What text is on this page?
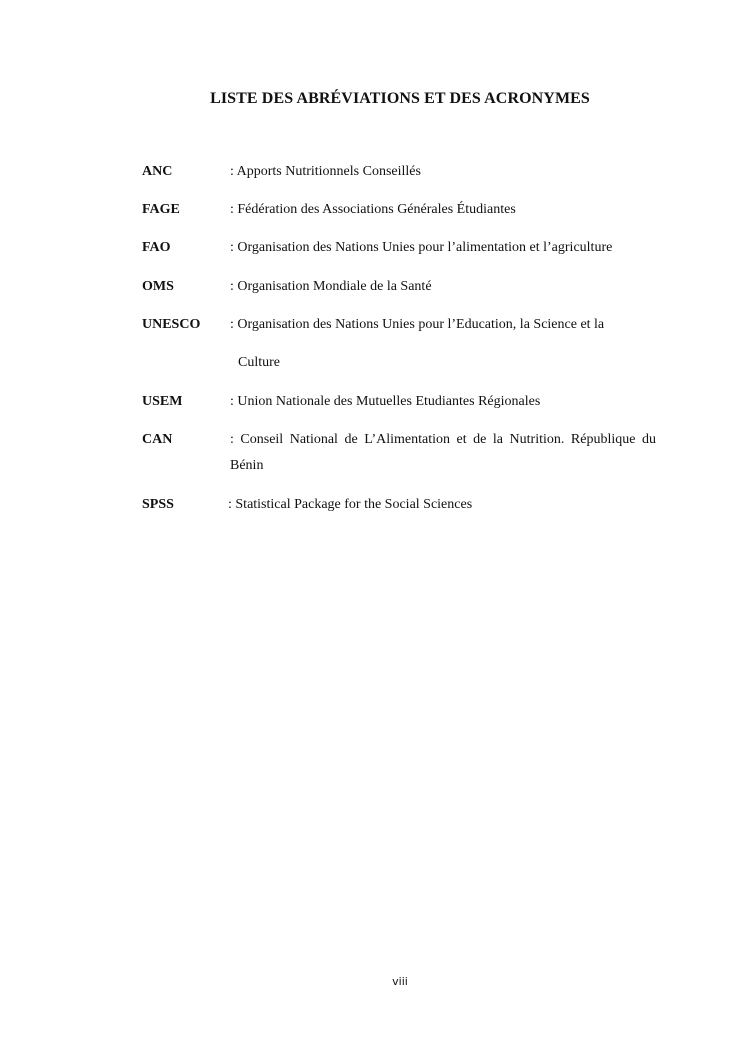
LISTE DES ABRÉVIATIONS ET DES ACRONYMES
ANC	: Apports Nutritionnels Conseillés
FAGE	: Fédération des Associations Générales Étudiantes
FAO	: Organisation des Nations Unies pour l’alimentation et l’agriculture
OMS	: Organisation Mondiale de la Santé
UNESCO : Organisation des Nations Unies pour l’Education, la Science et la
Culture
USEM	: Union Nationale des Mutuelles Etudiantes Régionales
CAN	: Conseil National de L’Alimentation et de la Nutrition. République du Bénin
SPSS	: Statistical Package for the Social Sciences
viii
